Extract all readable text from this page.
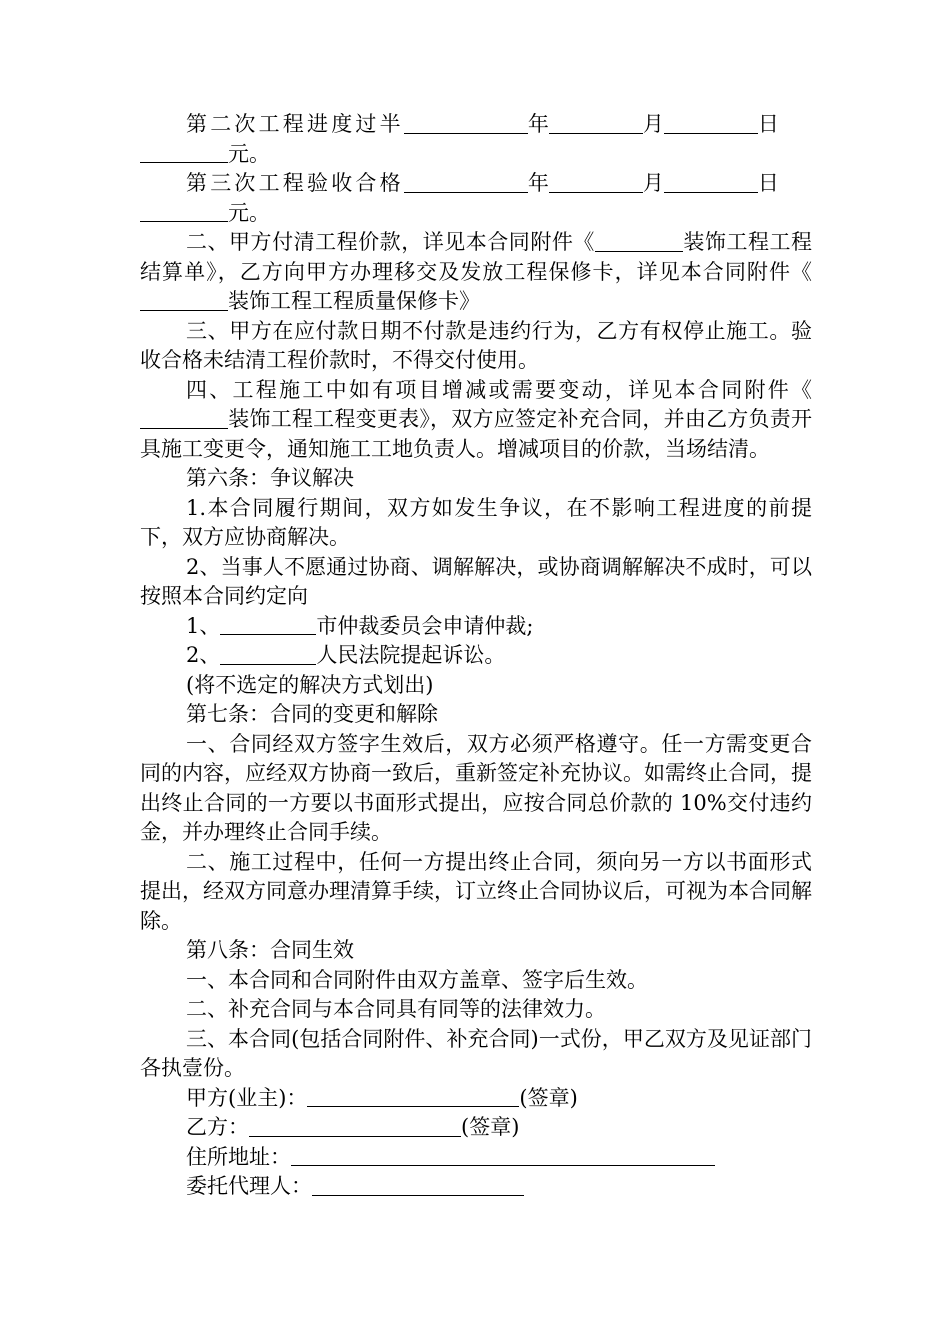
第二次工程进度过半	年	月	日

元。

第三次工程验收合格	年	月	日

元。

二、甲方付清工程价款，详见本合同附件《	装饰工程工程结算单》，乙方向甲方办理移交及发放工程保修卡，详见本合同附件《装饰工程工程质量保修卡》

三、甲方在应付款日期不付款是违约行为，乙方有权停止施工。验收合格未结清工程价款时，不得交付使用。

四、工程施工中如有项目增减或需要变动，详见本合同附件《装饰工程工程变更表》，双方应签定补充合同，并由乙方负责开具施工变更令，通知施工工地负责人。增减项目的价款，当场结清。

第六条：争议解决

1.本合同履行期间，双方如发生争议，在不影响工程进度的前提下，双方应协商解决。

2、当事人不愿通过协商、调解解决，或协商调解解决不成时，可以按照本合同约定向

1、	市仲裁委员会申请仲裁;

2、	人民法院提起诉讼。

(将不选定的解决方式划出)

第七条：合同的变更和解除

一、合同经双方签字生效后，双方必须严格遵守。任一方需变更合同的内容，应经双方协商一致后，重新签定补充协议。如需终止合同，提出终止合同的一方要以书面形式提出，应按合同总价款的 10%交付违约金，并办理终止合同手续。

二、施工过程中，任何一方提出终止合同，须向另一方以书面形式提出，经双方同意办理清算手续，订立终止合同协议后，可视为本合同解除。

第八条：合同生效

一、本合同和合同附件由双方盖章、签字后生效。

二、补充合同与本合同具有同等的法律效力。

三、本合同(包括合同附件、补充合同)一式份，甲乙双方及见证部门各执壹份。

甲方(业主)：	(签章)

乙方：	(签章)

住所地址：

委托代理人：
